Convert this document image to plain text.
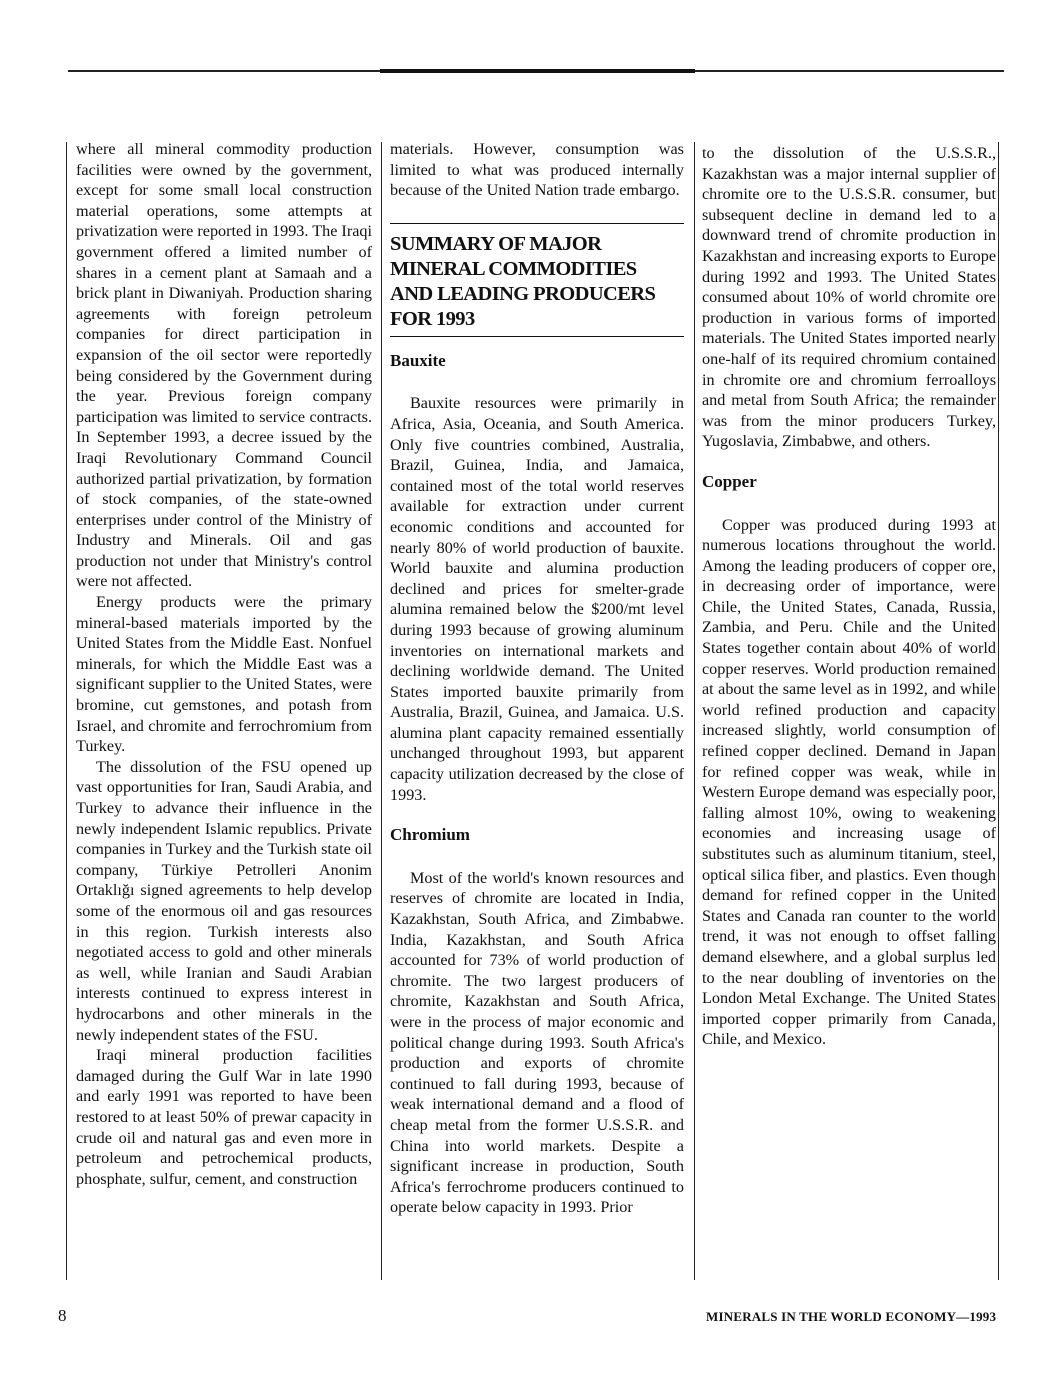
where all mineral commodity production facilities were owned by the government, except for some small local construction material operations, some attempts at privatization were reported in 1993. The Iraqi government offered a limited number of shares in a cement plant at Samaah and a brick plant in Diwaniyah. Production sharing agreements with foreign petroleum companies for direct participation in expansion of the oil sector were reportedly being considered by the Government during the year. Previous foreign company participation was limited to service contracts. In September 1993, a decree issued by the Iraqi Revolutionary Command Council authorized partial privatization, by formation of stock companies, of the state-owned enterprises under control of the Ministry of Industry and Minerals. Oil and gas production not under that Ministry's control were not affected.

Energy products were the primary mineral-based materials imported by the United States from the Middle East. Nonfuel minerals, for which the Middle East was a significant supplier to the United States, were bromine, cut gemstones, and potash from Israel, and chromite and ferrochromium from Turkey.

The dissolution of the FSU opened up vast opportunities for Iran, Saudi Arabia, and Turkey to advance their influence in the newly independent Islamic republics. Private companies in Turkey and the Turkish state oil company, Türkiye Petrolleri Anonim Ortaklığı signed agreements to help develop some of the enormous oil and gas resources in this region. Turkish interests also negotiated access to gold and other minerals as well, while Iranian and Saudi Arabian interests continued to express interest in hydrocarbons and other minerals in the newly independent states of the FSU.

Iraqi mineral production facilities damaged during the Gulf War in late 1990 and early 1991 was reported to have been restored to at least 50% of prewar capacity in crude oil and natural gas and even more in petroleum and petrochemical products, phosphate, sulfur, cement, and construction

materials. However, consumption was limited to what was produced internally because of the United Nation trade embargo.

SUMMARY OF MAJOR
MINERAL COMMODITIES
AND LEADING PRODUCERS
FOR 1993
Bauxite

Bauxite resources were primarily in Africa, Asia, Oceania, and South America. Only five countries combined, Australia, Brazil, Guinea, India, and Jamaica, contained most of the total world reserves available for extraction under current economic conditions and accounted for nearly 80% of world production of bauxite. World bauxite and alumina production declined and prices for smelter-grade alumina remained below the $200/mt level during 1993 because of growing aluminum inventories on international markets and declining worldwide demand. The United States imported bauxite primarily from Australia, Brazil, Guinea, and Jamaica. U.S. alumina plant capacity remained essentially unchanged throughout 1993, but apparent capacity utilization decreased by the close of 1993.

Chromium

Most of the world's known resources and reserves of chromite are located in India, Kazakhstan, South Africa, and Zimbabwe. India, Kazakhstan, and South Africa accounted for 73% of world production of chromite. The two largest producers of chromite, Kazakhstan and South Africa, were in the process of major economic and political change during 1993. South Africa's production and exports of chromite continued to fall during 1993, because of weak international demand and a flood of cheap metal from the former U.S.S.R. and China into world markets. Despite a significant increase in production, South Africa's ferrochrome producers continued to operate below capacity in 1993. Prior

to the dissolution of the U.S.S.R., Kazakhstan was a major internal supplier of chromite ore to the U.S.S.R. consumer, but subsequent decline in demand led to a downward trend of chromite production in Kazakhstan and increasing exports to Europe during 1992 and 1993. The United States consumed about 10% of world chromite ore production in various forms of imported materials. The United States imported nearly one-half of its required chromium contained in chromite ore and chromium ferroalloys and metal from South Africa; the remainder was from the minor producers Turkey, Yugoslavia, Zimbabwe, and others.

Copper

Copper was produced during 1993 at numerous locations throughout the world. Among the leading producers of copper ore, in decreasing order of importance, were Chile, the United States, Canada, Russia, Zambia, and Peru. Chile and the United States together contain about 40% of world copper reserves. World production remained at about the same level as in 1992, and while world refined production and capacity increased slightly, world consumption of refined copper declined. Demand in Japan for refined copper was weak, while in Western Europe demand was especially poor, falling almost 10%, owing to weakening economies and increasing usage of substitutes such as aluminum titanium, steel, optical silica fiber, and plastics. Even though demand for refined copper in the United States and Canada ran counter to the world trend, it was not enough to offset falling demand elsewhere, and a global surplus led to the near doubling of inventories on the London Metal Exchange. The United States imported copper primarily from Canada, Chile, and Mexico.

8	MINERALS IN THE WORLD ECONOMY—1993
